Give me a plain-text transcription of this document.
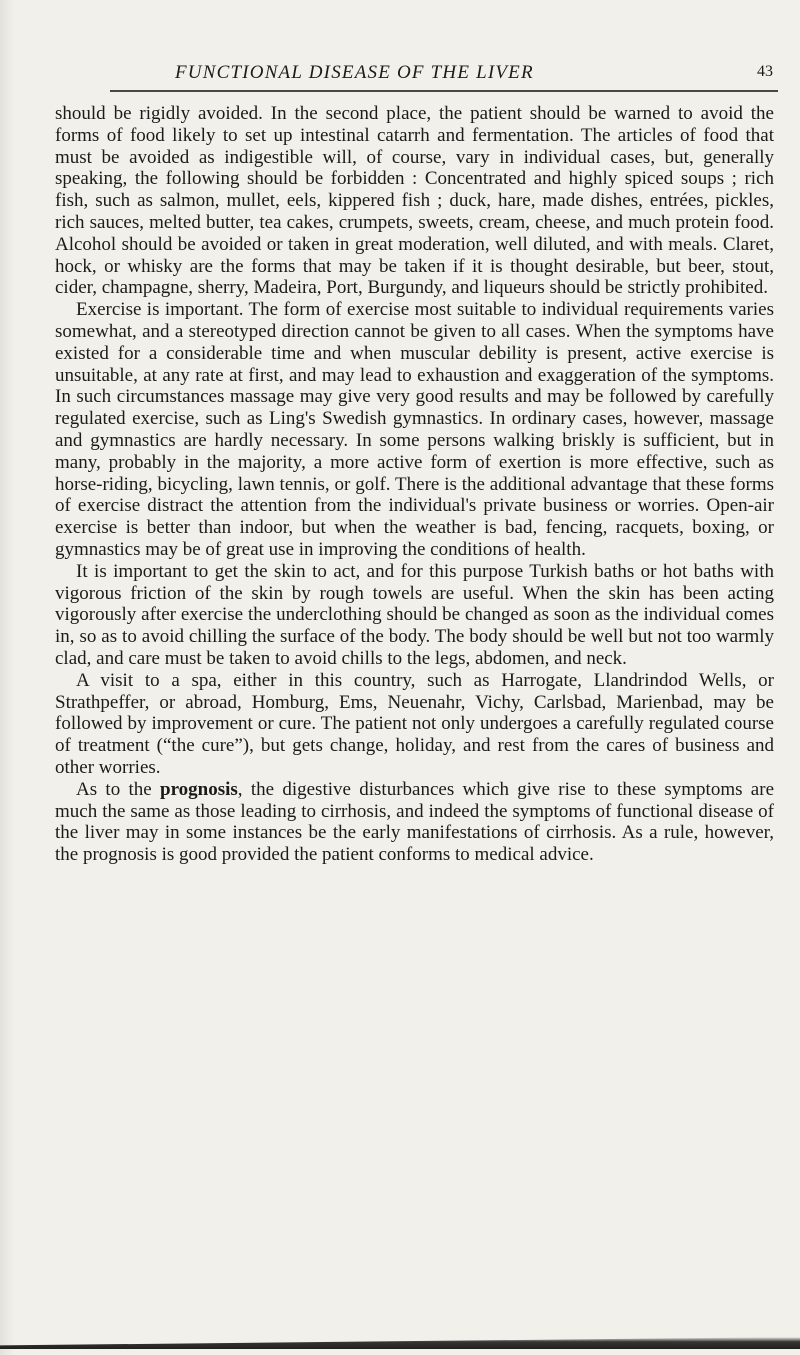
FUNCTIONAL DISEASE OF THE LIVER	43

should be rigidly avoided. In the second place, the patient should be warned to avoid the forms of food likely to set up intestinal catarrh and fermentation. The articles of food that must be avoided as indigestible will, of course, vary in individual cases, but, generally speaking, the following should be forbidden : Concentrated and highly spiced soups ; rich fish, such as salmon, mullet, eels, kippered fish ; duck, hare, made dishes, entrées, pickles, rich sauces, melted butter, tea cakes, crumpets, sweets, cream, cheese, and much protein food. Alcohol should be avoided or taken in great moderation, well diluted, and with meals. Claret, hock, or whisky are the forms that may be taken if it is thought desirable, but beer, stout, cider, champagne, sherry, Madeira, Port, Burgundy, and liqueurs should be strictly prohibited.

Exercise is important. The form of exercise most suitable to individual requirements varies somewhat, and a stereotyped direction cannot be given to all cases. When the symptoms have existed for a considerable time and when muscular debility is present, active exercise is unsuitable, at any rate at first, and may lead to exhaustion and exaggeration of the symptoms. In such circumstances massage may give very good results and may be followed by carefully regulated exercise, such as Ling's Swedish gymnastics. In ordinary cases, however, massage and gymnastics are hardly necessary. In some persons walking briskly is sufficient, but in many, probably in the majority, a more active form of exertion is more effective, such as horse-riding, bicycling, lawn tennis, or golf. There is the additional advantage that these forms of exercise distract the attention from the individual's private business or worries. Open-air exercise is better than indoor, but when the weather is bad, fencing, racquets, boxing, or gymnastics may be of great use in improving the conditions of health.

It is important to get the skin to act, and for this purpose Turkish baths or hot baths with vigorous friction of the skin by rough towels are useful. When the skin has been acting vigorously after exercise the underclothing should be changed as soon as the individual comes in, so as to avoid chilling the surface of the body. The body should be well but not too warmly clad, and care must be taken to avoid chills to the legs, abdomen, and neck.

A visit to a spa, either in this country, such as Harrogate, Llandrindod Wells, or Strathpeffer, or abroad, Homburg, Ems, Neuenahr, Vichy, Carlsbad, Marienbad, may be followed by improvement or cure. The patient not only undergoes a carefully regulated course of treatment (“the cure”), but gets change, holiday, and rest from the cares of business and other worries.

As to the prognosis, the digestive disturbances which give rise to these symptoms are much the same as those leading to cirrhosis, and indeed the symptoms of functional disease of the liver may in some instances be the early manifestations of cirrhosis. As a rule, however, the prognosis is good provided the patient conforms to medical advice.
